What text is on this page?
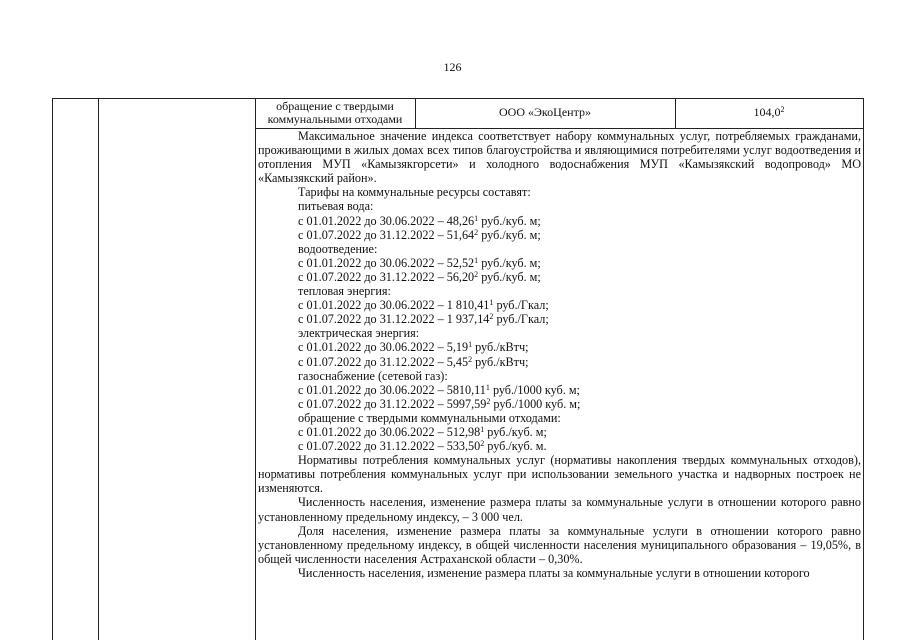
126
обращение с твердыми коммунальными отходами	ООО «ЭкоЦентр»	104,0$^2$

Максимальное значение индекса соответствует набору коммунальных услуг, потребляемых гражданами, проживающими в жилых домах всех типов благоустройства и являющимися потребителями услуг водоотведения и отопления МУП «Камызякгорсети» и холодного водоснабжения МУП «Камызякский водопровод» МО «Камызякский район».

Тарифы на коммунальные ресурсы составят:

питьевая вода:

с 01.01.2022 до 30.06.2022 – 48,26$^1$ руб./куб. м;

с 01.07.2022 до 31.12.2022 – 51,64$^2$ руб./куб. м;

водоотведение:

с 01.01.2022 до 30.06.2022 – 52,52$^1$ руб./куб. м;

с 01.07.2022 до 31.12.2022 – 56,20$^2$ руб./куб. м;

тепловая энергия:

с 01.01.2022 до 30.06.2022 – 1 810,41$^1$ руб./Гкал;

с 01.07.2022 до 31.12.2022 – 1 937,14$^2$ руб./Гкал;

электрическая энергия:

с 01.01.2022 до 30.06.2022 – 5,19$^1$ руб./кВтч;

с 01.07.2022 до 31.12.2022 – 5,45$^2$ руб./кВтч;

газоснабжение (сетевой газ):

с 01.01.2022 до 30.06.2022 – 5810,11$^1$ руб./1000 куб. м;

с 01.07.2022 до 31.12.2022 – 5997,59$^2$ руб./1000 куб. м;

обращение с твердыми коммунальными отходами:

с 01.01.2022 до 30.06.2022 – 512,98$^1$ руб./куб. м;

с 01.07.2022 до 31.12.2022 – 533,50$^2$ руб./куб. м.

Нормативы потребления коммунальных услуг (нормативы накопления твердых коммунальных отходов), нормативы потребления коммунальных услуг при использовании земельного участка и надворных построек не изменяются.

Численность населения, изменение размера платы за коммунальные услуги в отношении которого равно установленному предельному индексу, – 3 000 чел.

Доля населения, изменение размера платы за коммунальные услуги в отношении которого равно установленному предельному индексу, в общей численности населения муниципального образования – 19,05%, в общей численности населения Астраханской области – 0,30%.

Численность населения, изменение размера платы за коммунальные услуги в отношении которого
